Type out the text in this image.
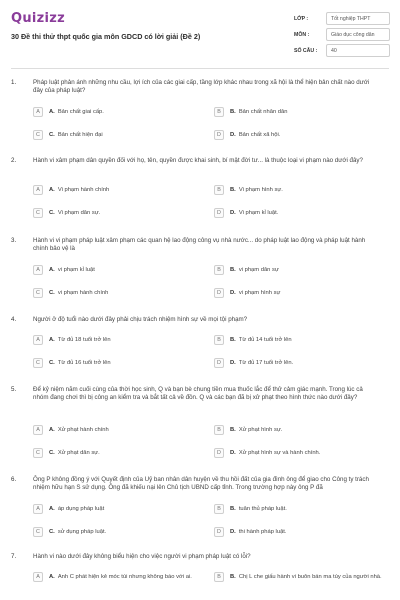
Quizizz
30 Đề thi thử thpt quốc gia môn GDCD có lời giải (Đề 2)
LỚP :	Tốt nghiệp THPT
MÔN :	Giáo dục công dân
SỐ CÂU :	40
1.	Pháp luật phản ánh những nhu cầu, lợi ích của các giai cấp, tầng lớp khác nhau trong xã hội là thể hiện bản chất nào dưới đây của pháp luật?
A	A. Bản chất giai cấp.	B	B. Bản chất nhân dân
C	C. Bản chất hiện đại	D	D. Bản chất xã hội.
2.	Hành vi xâm phạm dân quyền đối với họ, tên, quyền được khai sinh, bí mật đời tư... là thuộc loại vi phạm nào dưới đây?
A	A. Vi phạm hành chính	B	B. Vi phạm hình sự.
C	C. Vi phạm dân sự.	D	D. Vi phạm kỉ luật.
3.	Hành vi vi phạm pháp luật xâm phạm các quan hệ lao động công vụ nhà nước... do pháp luật lao động và pháp luật hành chính bảo vệ là
A	A. vi phạm kỉ luật	B	B. vi phạm dân sự
C	C. vi phạm hành chính	D	D. vi phạm hình sự
4.	Người ở độ tuổi nào dưới đây phải chịu trách nhiệm hình sự về mọi tội phạm?
A	A. Từ đủ 18 tuổi trở lên	B	B. Từ đủ 14 tuổi trở lên
C	C. Từ đủ 16 tuổi trở lên	D	D. Từ đủ 17 tuổi trở lên.
5.	Để kỷ niệm năm cuối cùng của thời học sinh, Q và bạn bè chung tiền mua thuốc lắc để thử cảm giác mạnh. Trong lúc cả nhóm đang chơi thì bị công an kiểm tra và bắt tất cả về đồn. Q và các bạn đã bị xử phạt theo hình thức nào dưới đây?
A	A. Xử phạt hành chính	B	B. Xử phạt hình sự.
C	C. Xử phạt dân sự.	D	D. Xử phạt hình sự và hành chính.
6.	Ông P không đồng ý với Quyết định của Uỷ ban nhân dân huyện về thu hồi đất của gia đình ông để giao cho Công ty trách nhiệm hữu hạn S sử dụng. Ông đã khiếu nại lên Chủ tịch UBND cấp tỉnh. Trong trường hợp này ông P đã
A	A. áp dụng pháp luật	B	B. tuân thủ pháp luật.
C	C. sử dụng pháp luật.	D	D. thi hành pháp luật.
7.	Hành vi nào dưới đây không biểu hiện cho việc người vi phạm pháp luật có lỗi?
A	A. Anh C phát hiện kẻ móc túi nhưng không báo với ai.	B	B. Chị L che giấu hành vi buôn bán ma túy của người nhà.
